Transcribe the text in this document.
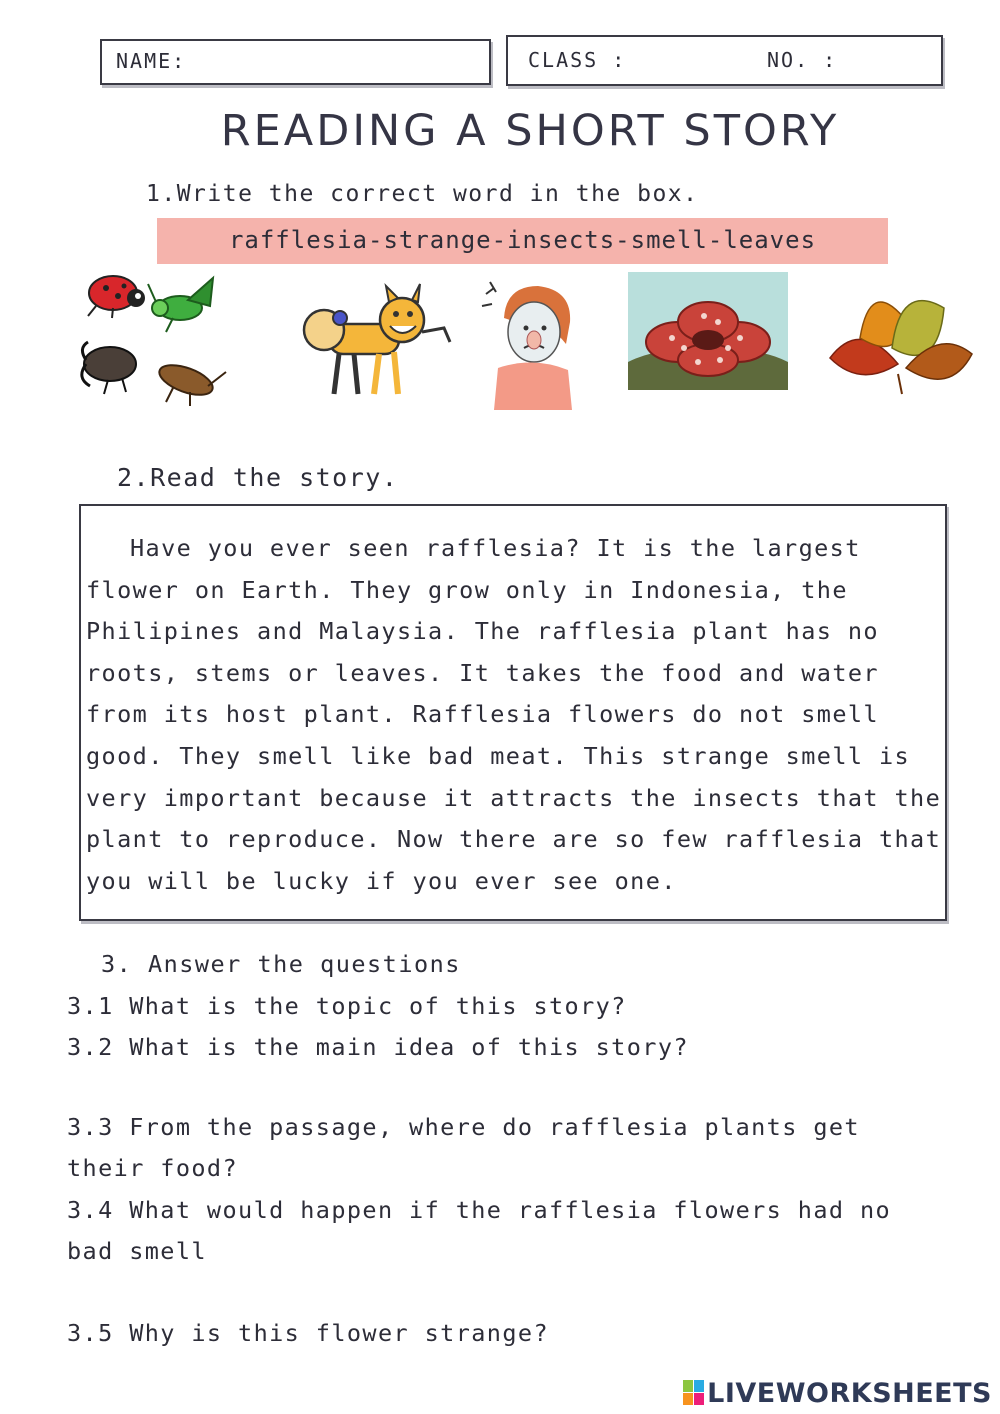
NAME:	CLASS :	NO. :
READING A SHORT STORY
1.Write the correct word in the box.
rafflesia-strange-insects-smell-leaves
2.Read the story.

Have you ever seen rafflesia? It is the largest flower on Earth. They grow only in Indonesia, the Philipines and Malaysia. The rafflesia plant has no roots, stems or leaves. It takes the food and water from its host plant. Rafflesia flowers do not smell good. They smell like bad meat. This strange smell is very important because it attracts the insects that the plant to reproduce. Now there are so few rafflesia that you will be lucky if you ever see one.

3. Answer the questions
3.1 What is the topic of this story?
3.2 What is the main idea of this story?
3.3 From the passage, where do rafflesia plants get their food?
3.4 What would happen if the rafflesia flowers had no bad smell
3.5 Why is this flower strange?
LIVEWORKSHEETS
